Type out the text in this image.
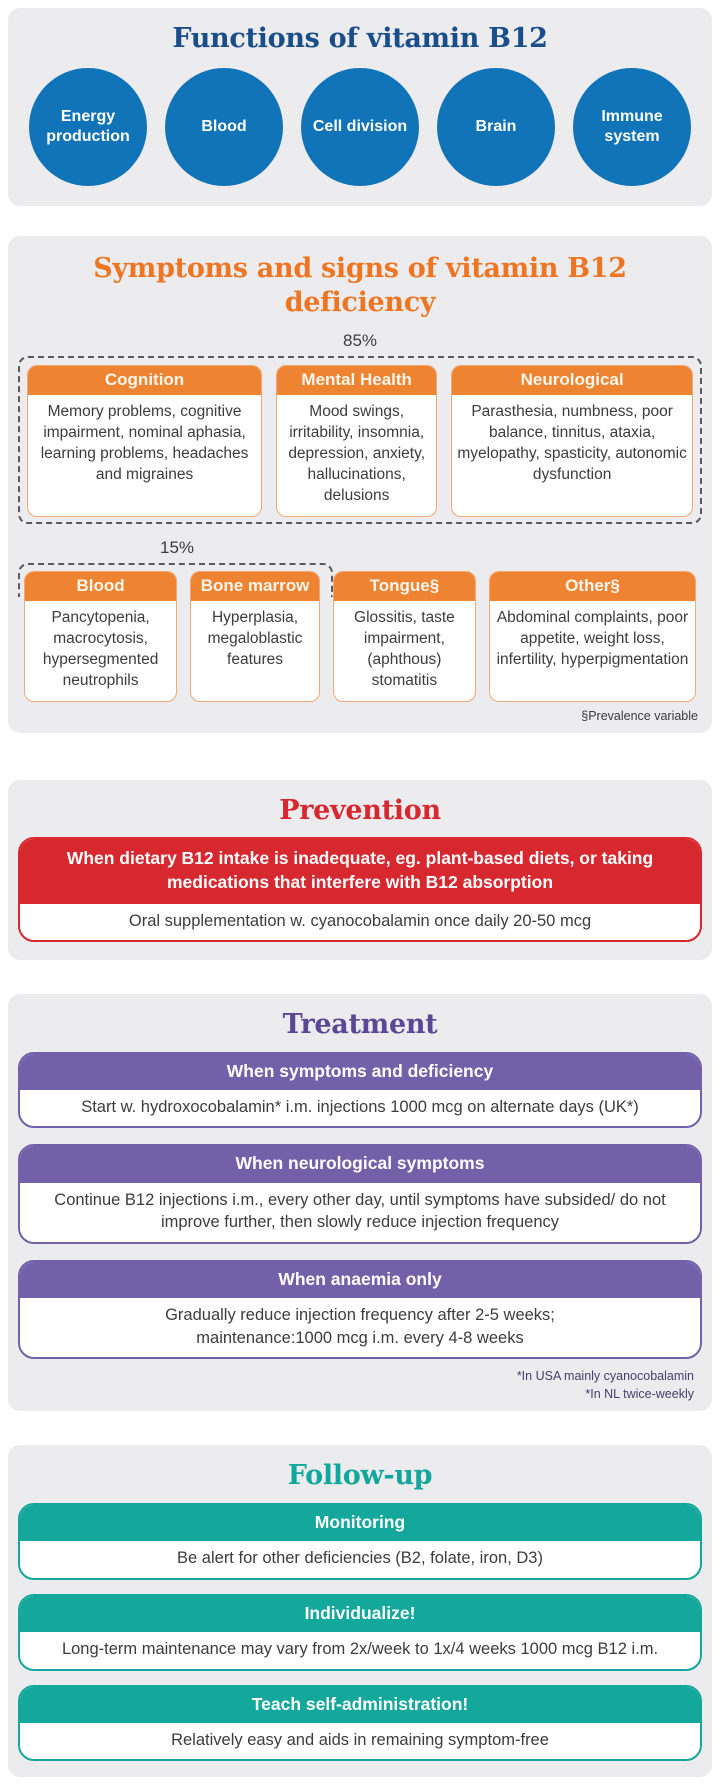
Functions of vitamin B12
Energy production
Blood	Cell division	Brain
Immune system
Symptoms and signs of vitamin B12 deficiency
85%
Cognition
Memory problems, cognitive impairment, nominal aphasia, learning problems, headaches and migraines
Mental Health
Mood swings, irritability, insomnia, depression, anxiety, hallucinations, delusions
Neurological
Parasthesia, numbness, poor balance, tinnitus, ataxia, myelopathy, spasticity, autonomic dysfunction
15%
Blood
Pancytopenia, macrocytosis, hypersegmented neutrophils
Bone marrow
Hyperplasia, megaloblastic features
Tongue§
Glossitis, taste impairment, (aphthous) stomatitis
Other§
Abdominal complaints, poor appetite, weight loss, infertility, hyperpigmentation
§Prevalence variable
Prevention
When dietary B12 intake is inadequate, eg. plant-based diets, or taking medications that interfere with B12 absorption
Oral supplementation w. cyanocobalamin once daily 20-50 mcg
Treatment
When symptoms and deficiency
Start w. hydroxocobalamin* i.m. injections 1000 mcg on alternate days (UK*)
When neurological symptoms
Continue B12 injections i.m., every other day, until symptoms have subsided/ do not improve further, then slowly reduce injection frequency
When anaemia only
Gradually reduce injection frequency after 2-5 weeks; maintenance:1000 mcg i.m. every 4-8 weeks
*In USA mainly cyanocobalamin
*In NL twice-weekly
Follow-up
Monitoring
Be alert for other deficiencies (B2, folate, iron, D3)
Individualize!
Long-term maintenance may vary from 2x/week to 1x/4 weeks 1000 mcg B12 i.m.
Teach self-administration!
Relatively easy and aids in remaining symptom-free
